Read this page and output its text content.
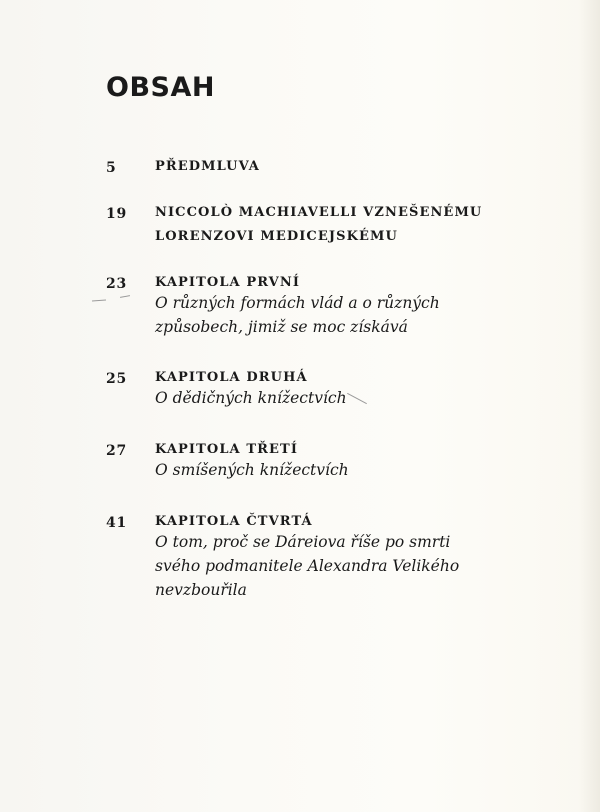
OBSAH
5	PŘEDMLUVA
19 NICCOLÒ MACHIAVELLI VZNEŠENÉMU
LORENZOVI MEDICEJSKÉMU
23 KAPITOLA PRVNÍ
O různých formách vlád a o různých
způsobech, jimiž se moc získává
25 KAPITOLA DRUHÁ
O dědičných knížectvích
27 KAPITOLA TŘETÍ
O smíšených knížectvích
41 KAPITOLA ČTVRTÁ
O tom, proč se Dáreiova říše po smrti
svého podmanitele Alexandra Velikého
nevzbouřila
